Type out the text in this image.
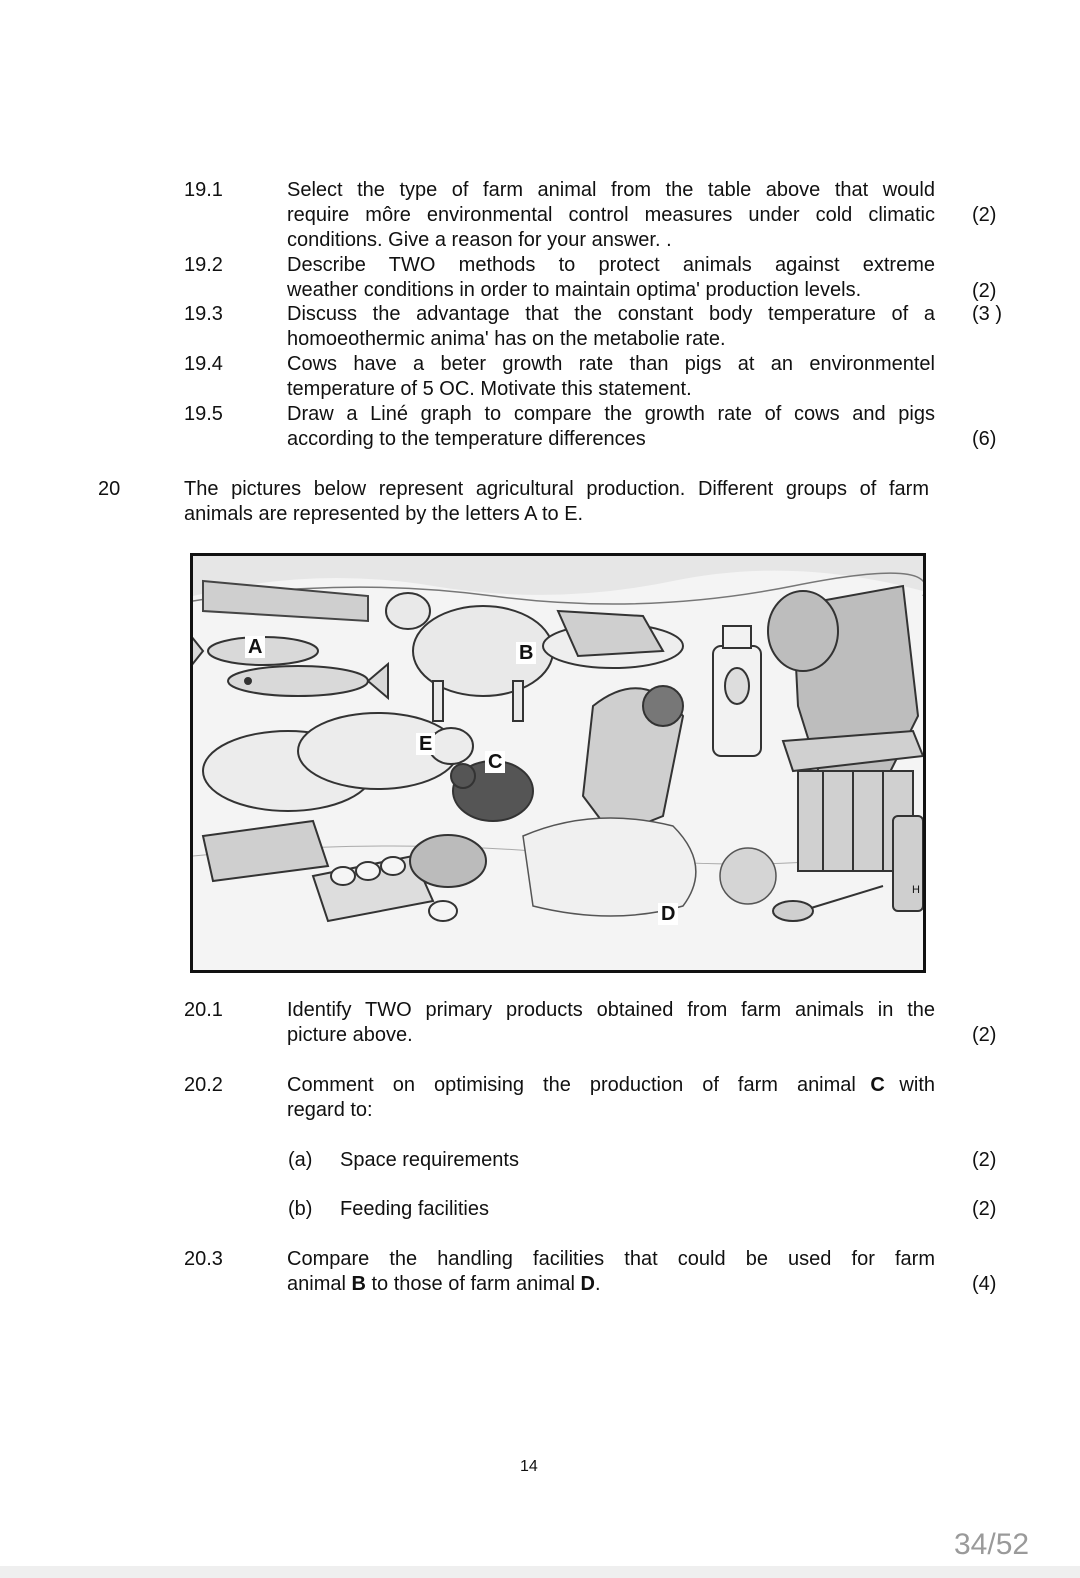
19.1	Select the type of farm animal from the table above that would
require môre environmental control measures under cold climatic
conditions. Give a reason for your answer. .
(2)
19.2	Describe TWO methods to protect animals against extreme
weather conditions in order to maintain optima' production levels.	(2)
19.3	Discuss the advantage that the constant body temperature of a
homoeothermic anima' has on the metabolie rate.
(3 )
19.4	Cows have a beter growth rate than pigs at an environmentel
temperature of 5 OC. Motivate this statement.
19.5	Draw a Liné graph to compare the growth rate of cows and pigs
according to the temperature differences	(6)
20	The pictures below represent agricultural production. Different groups of farm
animals are represented by the letters A to E.
A	B
C
D
E
H
20.1	Identify TWO primary products obtained from farm animals in the
picture above.	(2)
20.2	Comment on optimising the production of farm animal C with
regard to:
(a) Space requirements	(2)
(b) Feeding facilities	(2)
20.3	Compare the handling facilities that could be used for farm
animal B to those of farm animal D.	(4)
14
34/52
